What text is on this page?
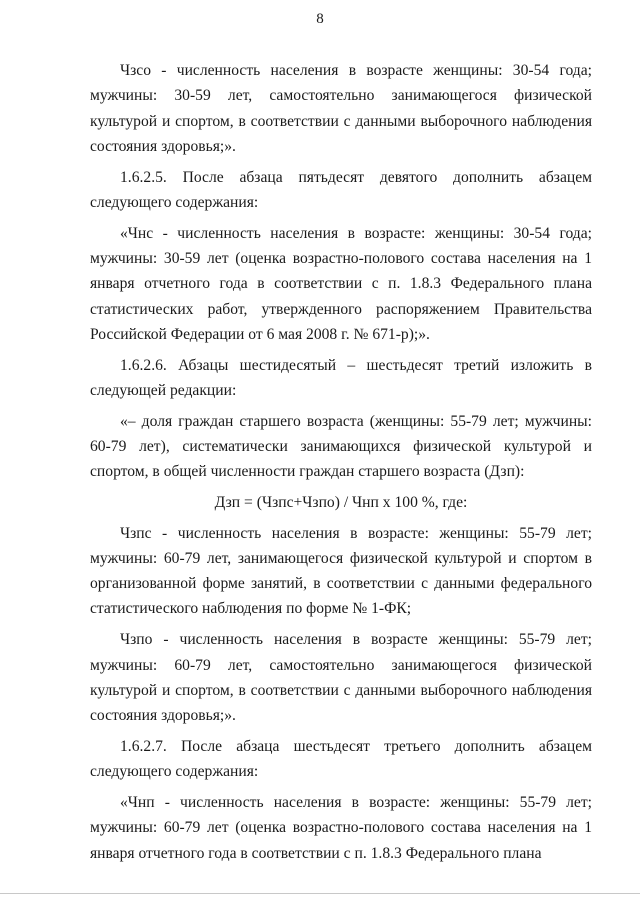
8

Чзсо - численность населения в возрасте женщины: 30-54 года; мужчины: 30-59 лет, самостоятельно занимающегося физической культурой и спортом, в соответствии с данными выборочного наблюдения состояния здоровья;».

1.6.2.5. После абзаца пятьдесят девятого дополнить абзацем следующего содержания:

«Чнс - численность населения в возрасте: женщины: 30-54 года; мужчины: 30-59 лет (оценка возрастно-полового состава населения на 1 января отчетного года в соответствии с п. 1.8.3 Федерального плана статистических работ, утвержденного распоряжением Правительства Российской Федерации от 6 мая 2008 г. № 671-р);».

1.6.2.6. Абзацы шестидесятый – шестьдесят третий изложить в следующей редакции:

«– доля граждан старшего возраста (женщины: 55-79 лет; мужчины: 60-79 лет), систематически занимающихся физической культурой и спортом, в общей численности граждан старшего возраста (Дзп):

Дзп = (Чзпс+Чзпо) / Чнп х 100 %, где:

Чзпс - численность населения в возрасте: женщины: 55-79 лет; мужчины: 60-79 лет, занимающегося физической культурой и спортом в организованной форме занятий, в соответствии с данными федерального статистического наблюдения по форме № 1-ФК;

Чзпо - численность населения в возрасте женщины: 55-79 лет; мужчины: 60-79 лет, самостоятельно занимающегося физической культурой и спортом, в соответствии с данными выборочного наблюдения состояния здоровья;».

1.6.2.7. После абзаца шестьдесят третьего дополнить абзацем следующего содержания:

«Чнп - численность населения в возрасте: женщины: 55-79 лет; мужчины: 60-79 лет (оценка возрастно-полового состава населения на 1 января отчетного года в соответствии с п. 1.8.3 Федерального плана
